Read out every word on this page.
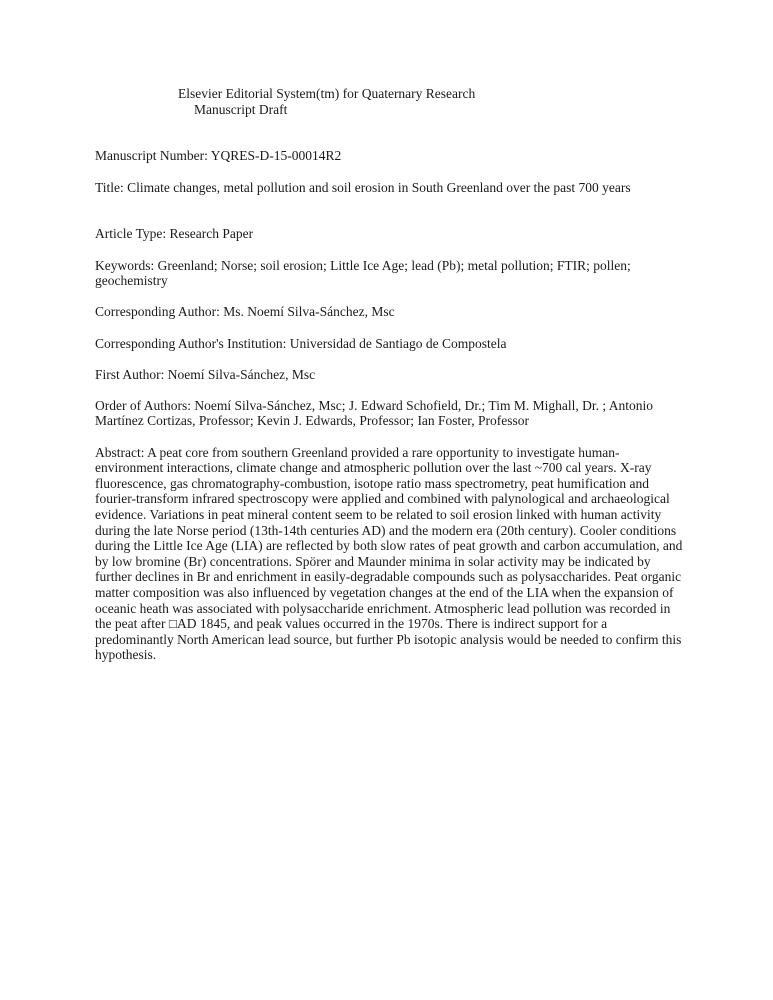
Elsevier Editorial System(tm) for Quaternary Research
Manuscript Draft

Manuscript Number: YQRES-D-15-00014R2

Title: Climate changes, metal pollution and soil erosion in South Greenland over the past 700 years

Article Type: Research Paper

Keywords: Greenland; Norse; soil erosion; Little Ice Age; lead (Pb); metal pollution; FTIR; pollen; geochemistry

Corresponding Author: Ms. Noemí Silva-Sánchez, Msc

Corresponding Author's Institution: Universidad de Santiago de Compostela

First Author: Noemí Silva-Sánchez, Msc

Order of Authors: Noemí Silva-Sánchez, Msc; J. Edward Schofield, Dr.; Tim M. Mighall, Dr. ; Antonio Martínez Cortizas, Professor; Kevin J. Edwards, Professor; Ian Foster, Professor

Abstract: A peat core from southern Greenland provided a rare opportunity to investigate human-environment interactions, climate change and atmospheric pollution over the last ~700 cal years. X-ray fluorescence, gas chromatography-combustion, isotope ratio mass spectrometry, peat humification and fourier-transform infrared spectroscopy were applied and combined with palynological and archaeological evidence. Variations in peat mineral content seem to be related to soil erosion linked with human activity during the late Norse period (13th-14th centuries AD) and the modern era (20th century). Cooler conditions during the Little Ice Age (LIA) are reflected by both slow rates of peat growth and carbon accumulation, and by low bromine (Br) concentrations. Spörer and Maunder minima in solar activity may be indicated by further declines in Br and enrichment in easily-degradable compounds such as polysaccharides. Peat organic matter composition was also influenced by vegetation changes at the end of the LIA when the expansion of oceanic heath was associated with polysaccharide enrichment. Atmospheric lead pollution was recorded in the peat after □AD 1845, and peak values occurred in the 1970s. There is indirect support for a predominantly North American lead source, but further Pb isotopic analysis would be needed to confirm this hypothesis.
